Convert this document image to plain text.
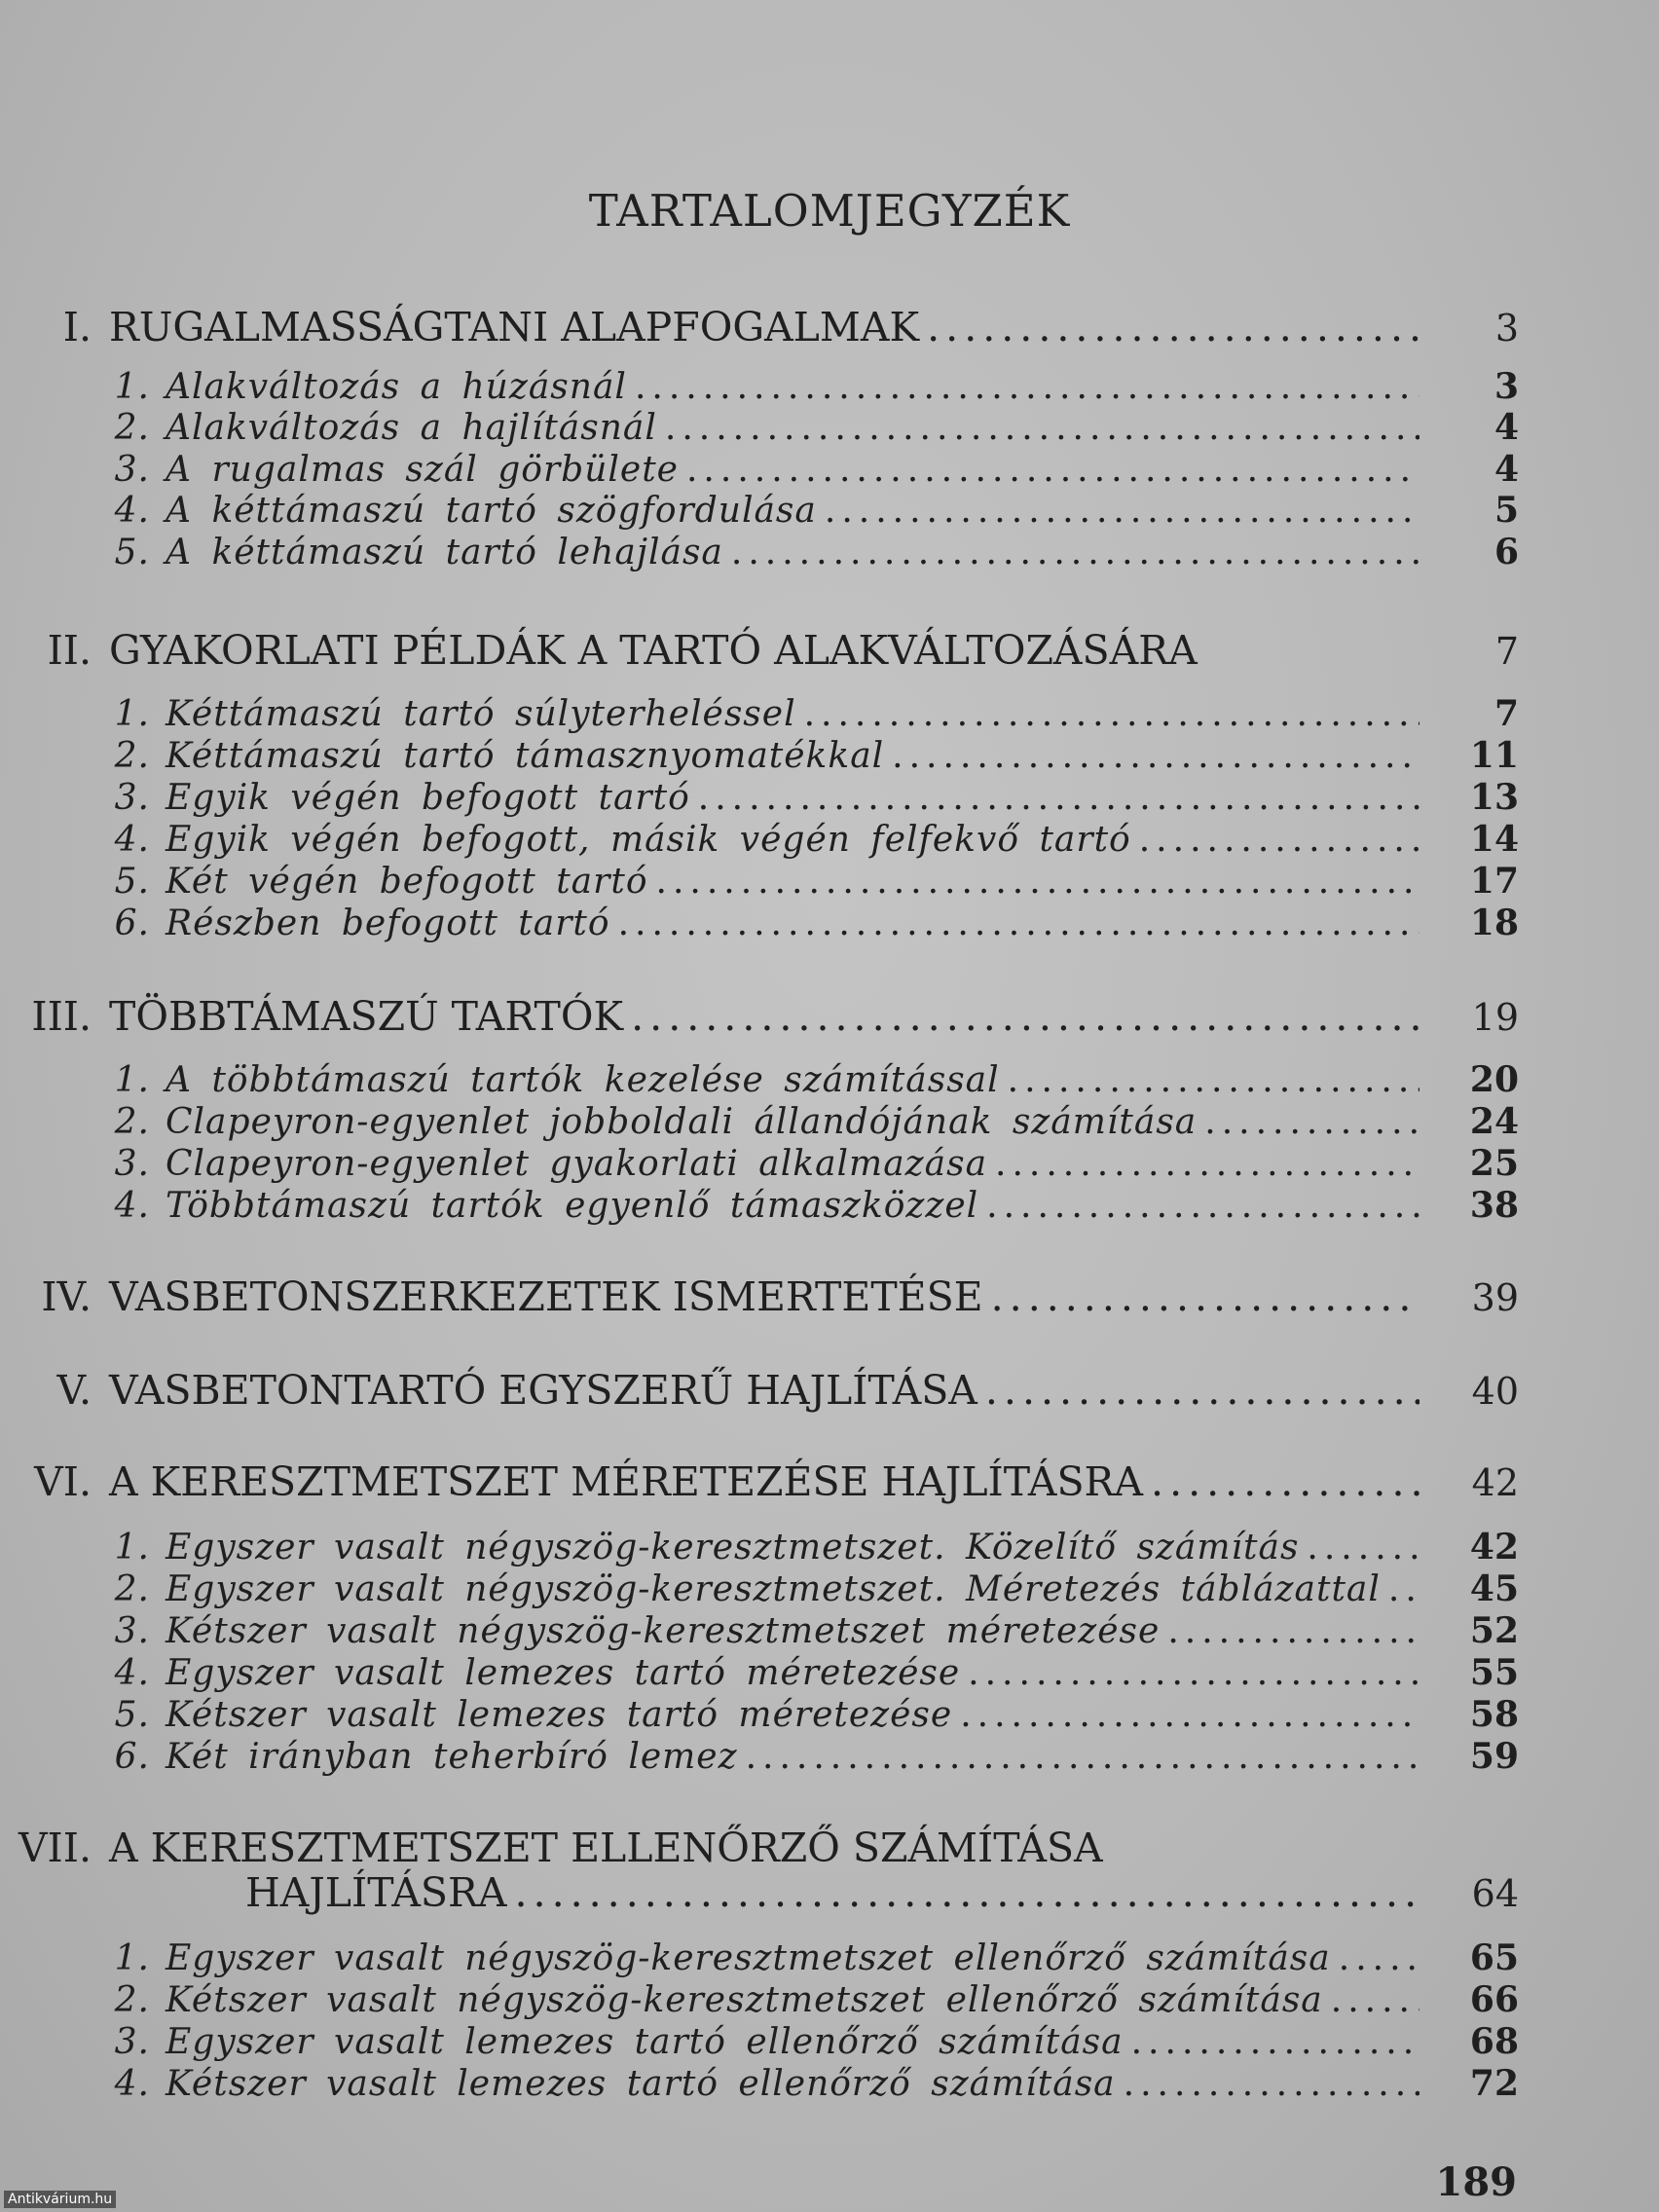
TARTALOMJEGYZÉK
I. RUGALMASSÁGTANI ALAPFOGALMAK .....	3
1. Alakváltozás a húzásnál .....	3
2. Alakváltozás a hajlításnál .....	4
3. A rugalmas szál görbülete .....	4
4. A kéttámaszú tartó szögfordulása .....	5
5. A kéttámaszú tartó lehajlása .....	6
II. GYAKORLATI PÉLDÁK A TARTÓ ALAKVÁLTOZÁSÁRA	7
1. Kéttámaszú tartó súlyterheléssel .....	7
2. Kéttámaszú tartó támasznyomatékkal .....	11
3. Egyik végén befogott tartó .....	13
4. Egyik végén befogott, másik végén felfekvő tartó .....	14
5. Két végén befogott tartó .....	17
6. Részben befogott tartó .....	18
III. TÖBBTÁMASZÚ TARTÓK .....	19
1. A többtámaszú tartók kezelése számítással .....	20
2. Clapeyron-egyenlet jobboldali állandójának számítása .....	24
3. Clapeyron-egyenlet gyakorlati alkalmazása .....	25
4. Többtámaszú tartók egyenlő támaszközzel .....	38
IV. VASBETONSZERKEZETEK ISMERTETÉSE .....	39
V. VASBETONTARTÓ EGYSZERŰ HAJLÍTÁSA .....	40
VI. A KERESZTMETSZET MÉRETEZÉSE HAJLÍTÁSRA .....	42
1. Egyszer vasalt négyszög-keresztmetszet. Közelítő számítás .....	42
2. Egyszer vasalt négyszög-keresztmetszet. Méretezés táblázattal .....	45
3. Kétszer vasalt négyszög-keresztmetszet méretezése .....	52
4. Egyszer vasalt lemezes tartó méretezése .....	55
5. Kétszer vasalt lemezes tartó méretezése .....	58
6. Két irányban teherbíró lemez .....	59
VII. A KERESZTMETSZET ELLENŐRZŐ SZÁMÍTÁSA
HAJLÍTÁSRA .....	64
1. Egyszer vasalt négyszög-keresztmetszet ellenőrző számítása .....	65
2. Kétszer vasalt négyszög-keresztmetszet ellenőrző számítása .....	66
3. Egyszer vasalt lemezes tartó ellenőrző számítása .....	68
4. Kétszer vasalt lemezes tartó ellenőrző számítása .....	72
189
Antikvárium.hu
